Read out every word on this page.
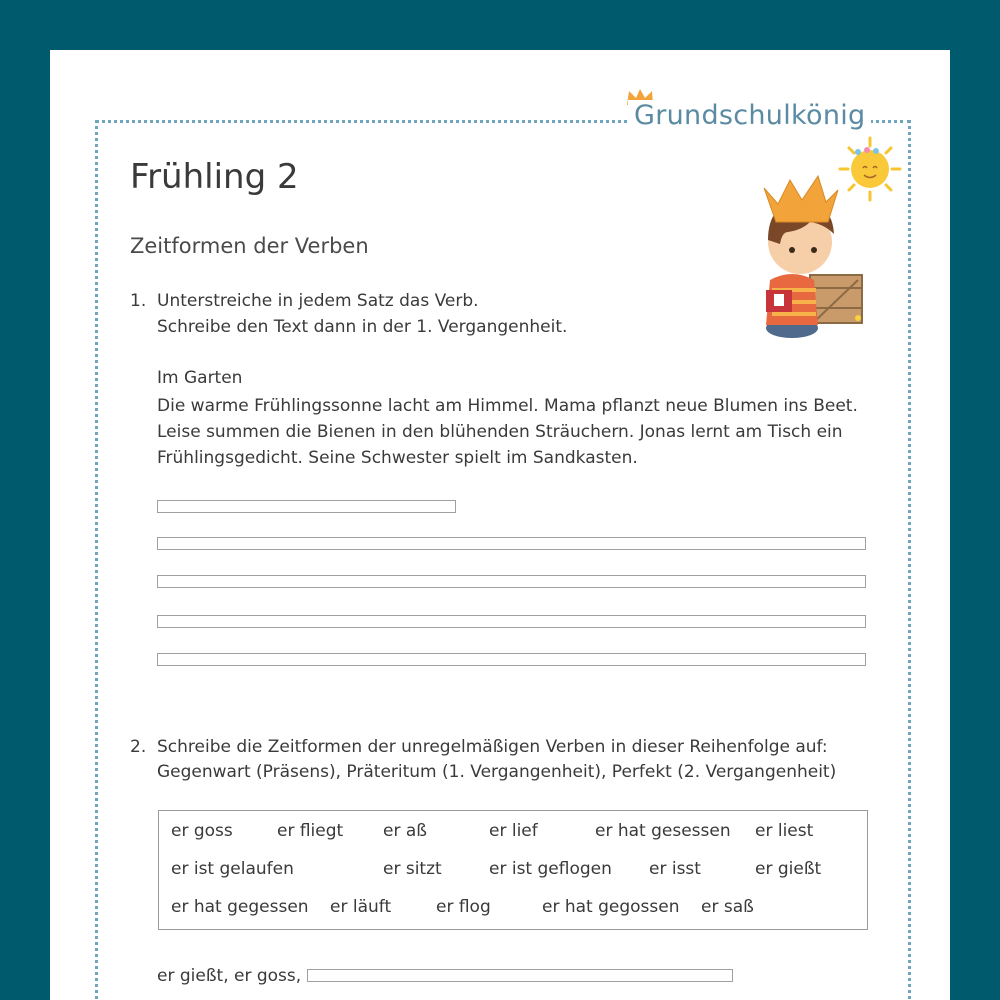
Grundschulkönig
Frühling 2
Zeitformen der Verben
1. Unterstreiche in jedem Satz das Verb.
Schreibe den Text dann in der 1. Vergangenheit.
Im Garten
Die warme Frühlingssonne lacht am Himmel. Mama pflanzt neue Blumen ins Beet.
Leise summen die Bienen in den blühenden Sträuchern. Jonas lernt am Tisch ein
Frühlingsgedicht. Seine Schwester spielt im Sandkasten.
2. Schreibe die Zeitformen der unregelmäßigen Verben in dieser Reihenfolge auf:
Gegenwart (Präsens), Präteritum (1. Vergangenheit), Perfekt (2. Vergangenheit)
er goss	er fliegt er aß	er lief	er hat gesessen er liest
er ist gelaufen	er sitzt	er ist geflogen er isst	er gießt
er hat gegessen er läuft	er flog	er hat gegossen er saß
er gießt, er goss,
